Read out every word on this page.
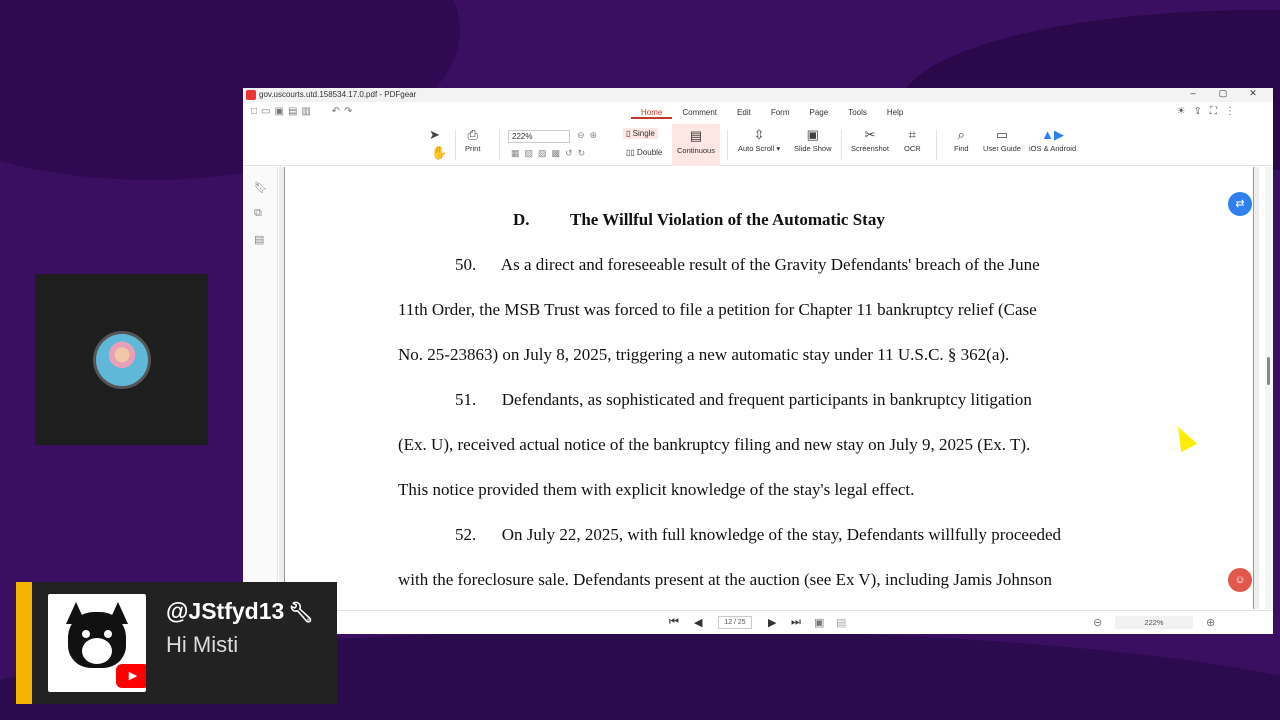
gov.uscourts.utd.158534.17.0.pdf - PDFgear	–	▢	✕
□▭▣▤▥ ↶↷	Home	Comment	Edit	Form	Page	Tools	Help	☀⇪⛶⋮
➤
✋
⎙
Print
222%	⊖⊕
▦▧▨▩↺↻
▯ Single
▯▯ Double
▤
Continuous
⇳
Auto Scroll ▾
▣
Slide Show
✂
Screenshot
⌗
OCR
⌕
Find
▭
User Guide
▲▶
iOS & Android
🔖︎
⧉
▤
D. The Willful Violation of the Automatic Stay
50.      As a direct and foreseeable result of the Gravity Defendants' breach of the June
11th Order, the MSB Trust was forced to file a petition for Chapter 11 bankruptcy relief (Case
No. 25-23863) on July 8, 2025, triggering a new automatic stay under 11 U.S.C. § 362(a).
51.      Defendants, as sophisticated and frequent participants in bankruptcy litigation
(Ex. U), received actual notice of the bankruptcy filing and new stay on July 9, 2025 (Ex. T).
This notice provided them with explicit knowledge of the stay's legal effect.
52.      On July 22, 2025, with full knowledge of the stay, Defendants willfully proceeded
with the foreclosure sale. Defendants present at the auction (see Ex V), including Jamis Johnson
⇄
☺
⏮ ◀	12 / 25	▶ ⏭ ▣ ▤	⊖	222%	⊕
▶
@JStfyd13 🔧︎
Hi Misti
